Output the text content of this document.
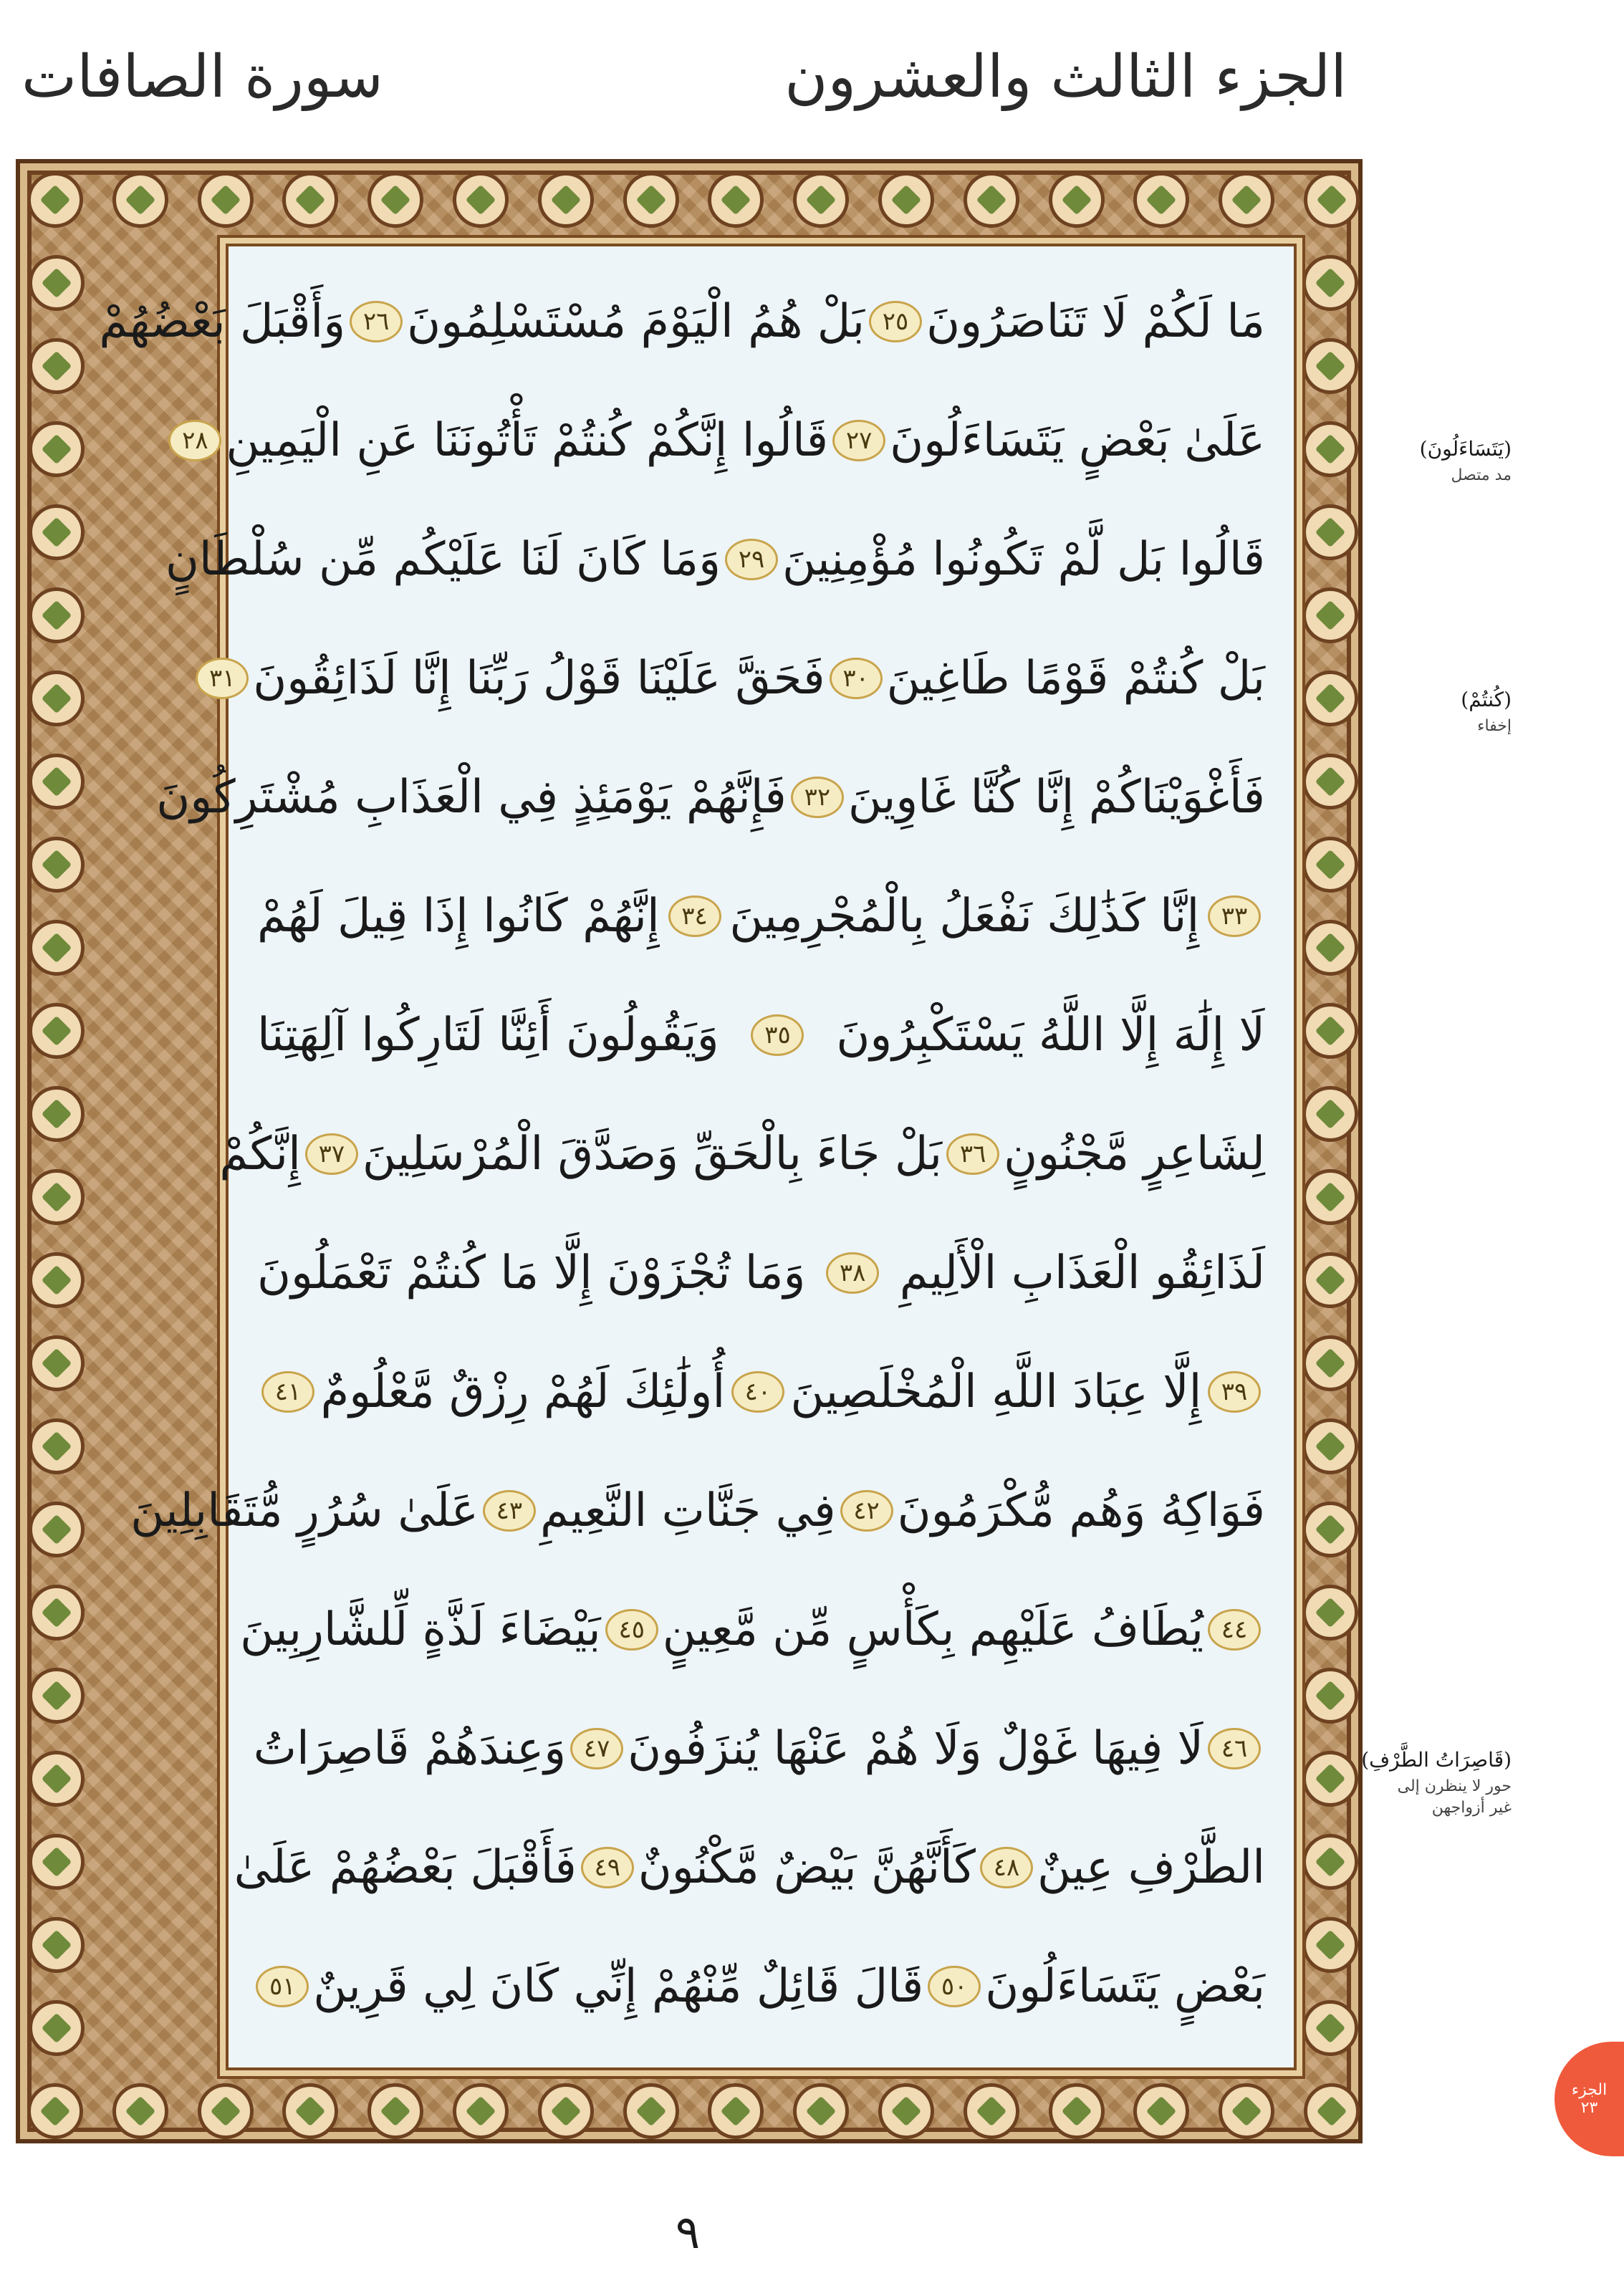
الجزء الثالث والعشرون
سورة الصافات
مَا لَكُمْ لَا تَنَاصَرُونَ
٢٥
بَلْ هُمُ الْيَوْمَ مُسْتَسْلِمُونَ
٢٦
وَأَقْبَلَ بَعْضُهُمْ
عَلَىٰ بَعْضٍ يَتَسَاءَلُونَ
٢٧
قَالُوا إِنَّكُمْ كُنتُمْ تَأْتُونَنَا عَنِ الْيَمِينِ
٢٨
قَالُوا بَل لَّمْ تَكُونُوا مُؤْمِنِينَ
٢٩
وَمَا كَانَ لَنَا عَلَيْكُم مِّن سُلْطَانٍ
بَلْ كُنتُمْ قَوْمًا طَاغِينَ
٣٠
فَحَقَّ عَلَيْنَا قَوْلُ رَبِّنَا إِنَّا لَذَائِقُونَ
٣١
فَأَغْوَيْنَاكُمْ إِنَّا كُنَّا غَاوِينَ
٣٢
فَإِنَّهُمْ يَوْمَئِذٍ فِي الْعَذَابِ مُشْتَرِكُونَ
٣٣
إِنَّا كَذَٰلِكَ نَفْعَلُ بِالْمُجْرِمِينَ
٣٤
إِنَّهُمْ كَانُوا إِذَا قِيلَ لَهُمْ
لَا إِلَٰهَ إِلَّا اللَّهُ يَسْتَكْبِرُونَ
٣٥
وَيَقُولُونَ أَئِنَّا لَتَارِكُوا آلِهَتِنَا
لِشَاعِرٍ مَّجْنُونٍ
٣٦
بَلْ جَاءَ بِالْحَقِّ وَصَدَّقَ الْمُرْسَلِينَ
٣٧
إِنَّكُمْ
لَذَائِقُو الْعَذَابِ الْأَلِيمِ
٣٨
وَمَا تُجْزَوْنَ إِلَّا مَا كُنتُمْ تَعْمَلُونَ
٣٩
إِلَّا عِبَادَ اللَّهِ الْمُخْلَصِينَ
٤٠
أُولَٰئِكَ لَهُمْ رِزْقٌ مَّعْلُومٌ
٤١
فَوَاكِهُ وَهُم مُّكْرَمُونَ
٤٢
فِي جَنَّاتِ النَّعِيمِ
٤٣
عَلَىٰ سُرُرٍ مُّتَقَابِلِينَ
٤٤
يُطَافُ عَلَيْهِم بِكَأْسٍ مِّن مَّعِينٍ
٤٥
بَيْضَاءَ لَذَّةٍ لِّلشَّارِبِينَ
٤٦
لَا فِيهَا غَوْلٌ وَلَا هُمْ عَنْهَا يُنزَفُونَ
٤٧
وَعِندَهُمْ قَاصِرَاتُ
الطَّرْفِ عِينٌ
٤٨
كَأَنَّهُنَّ بَيْضٌ مَّكْنُونٌ
٤٩
فَأَقْبَلَ بَعْضُهُمْ عَلَىٰ
بَعْضٍ يَتَسَاءَلُونَ
٥٠
قَالَ قَائِلٌ مِّنْهُمْ إِنِّي كَانَ لِي قَرِينٌ
٥١
(يَتَسَاءَلُونَ)
مد متصل
(كُنتُمْ)
إخفاء
(قَاصِرَاتُ الطَّرْفِ)
حور لا ينظرن إلى غير أزواجهن
الجزء
٢٣
٩
